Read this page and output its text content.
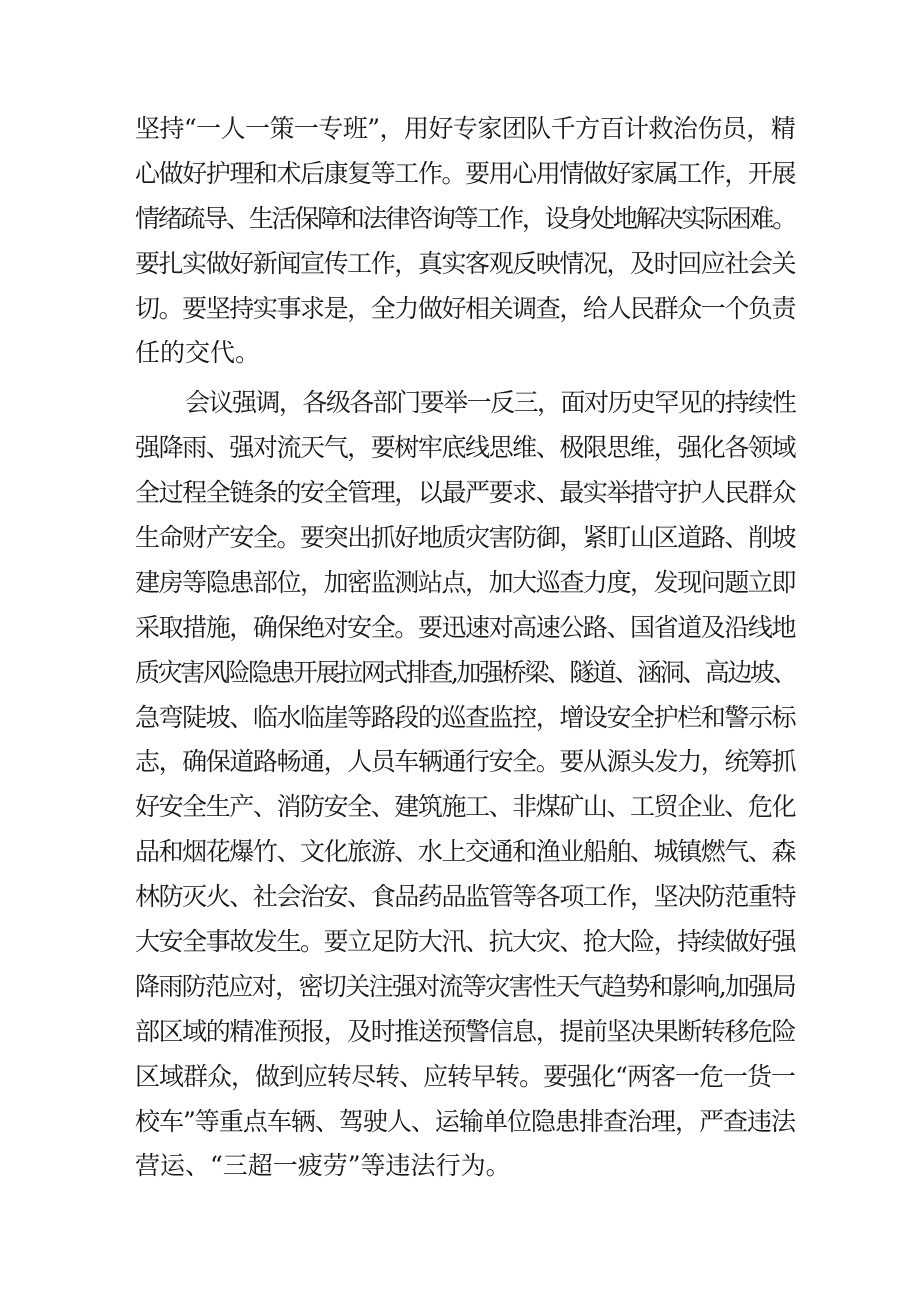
坚持“一人一策一专班”，用好专家团队千方百计救治伤员，精
心做好护理和术后康复等工作。要用心用情做好家属工作，开展
情绪疏导、生活保障和法律咨询等工作，设身处地解决实际困难。
要扎实做好新闻宣传工作，真实客观反映情况，及时回应社会关
切。要坚持实事求是，全力做好相关调查，给人民群众一个负责
任的交代。
会议强调，各级各部门要举一反三，面对历史罕见的持续性
强降雨、强对流天气，要树牢底线思维、极限思维，强化各领域
全过程全链条的安全管理，以最严要求、最实举措守护人民群众
生命财产安全。要突出抓好地质灾害防御，紧盯山区道路、削坡
建房等隐患部位，加密监测站点，加大巡查力度，发现问题立即
采取措施，确保绝对安全。要迅速对高速公路、国省道及沿线地
质灾害风险隐患开展拉网式排查,加强桥梁、隧道、涵洞、高边坡、
急弯陡坡、临水临崖等路段的巡查监控，增设安全护栏和警示标
志，确保道路畅通，人员车辆通行安全。要从源头发力，统筹抓
好安全生产、消防安全、建筑施工、非煤矿山、工贸企业、危化
品和烟花爆竹、文化旅游、水上交通和渔业船舶、城镇燃气、森
林防灭火、社会治安、食品药品监管等各项工作，坚决防范重特
大安全事故发生。要立足防大汛、抗大灾、抢大险，持续做好强
降雨防范应对，密切关注强对流等灾害性天气趋势和影响,加强局
部区域的精准预报，及时推送预警信息，提前坚决果断转移危险
区域群众，做到应转尽转、应转早转。要强化“两客一危一货一
校车”等重点车辆、驾驶人、运输单位隐患排查治理，严查违法
营运、“三超一疲劳”等违法行为。
